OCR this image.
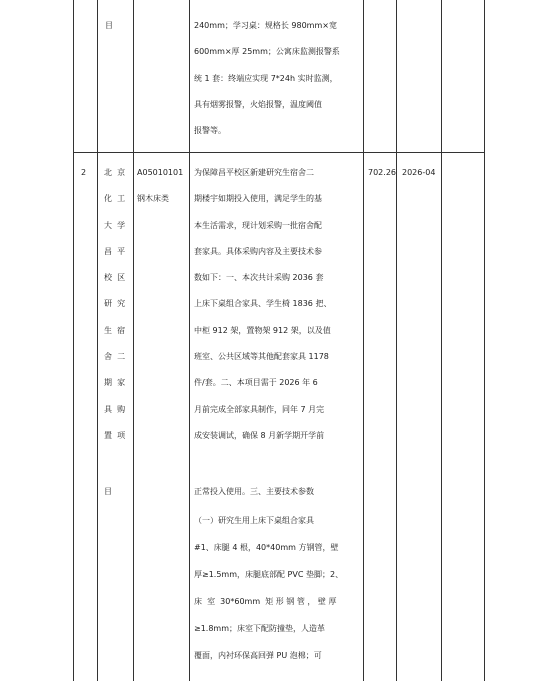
目	240mm；学习桌：规格长 980mm×宽
600mm×厚 25mm；公寓床监测报警系
统 1 套：终端应实现 7*24h 实时监测，
具有烟雾报警，火焰报警，温度阈值
报警等。
2 北  京
化  工
大  学
昌  平
校  区
研  究
生  宿
舍  二
期  家
具  购
置  项
目
A05010101
钢木床类
为保障昌平校区新建研究生宿舍二
期楼宇如期投入使用，满足学生的基
本生活需求，现计划采购一批宿舍配
套家具。具体采购内容及主要技术参
数如下：一、本次共计采购 2036 套
上床下桌组合家具、学生椅 1836 把、
中柜 912 架，置物架 912 架，以及值
班室、公共区域等其他配套家具 1178
件/套。二、本项目需于 2026 年 6
月前完成全部家具制作，同年 7 月完
成安装调试，确保 8 月新学期开学前
正常投入使用。三、主要技术参数
（一）研究生用上床下桌组合家具
#1、床腿 4 根，40*40mm 方钢管，壁
厚≥1.5mm，床腿底部配 PVC 垫脚；2、
床  室  30*60mm  矩 形 钢 管 ， 壁 厚
≥1.8mm；床室下配防撞垫，人造革
覆面，内衬环保高回弹 PU 泡棉；可
702.26 2026-04
